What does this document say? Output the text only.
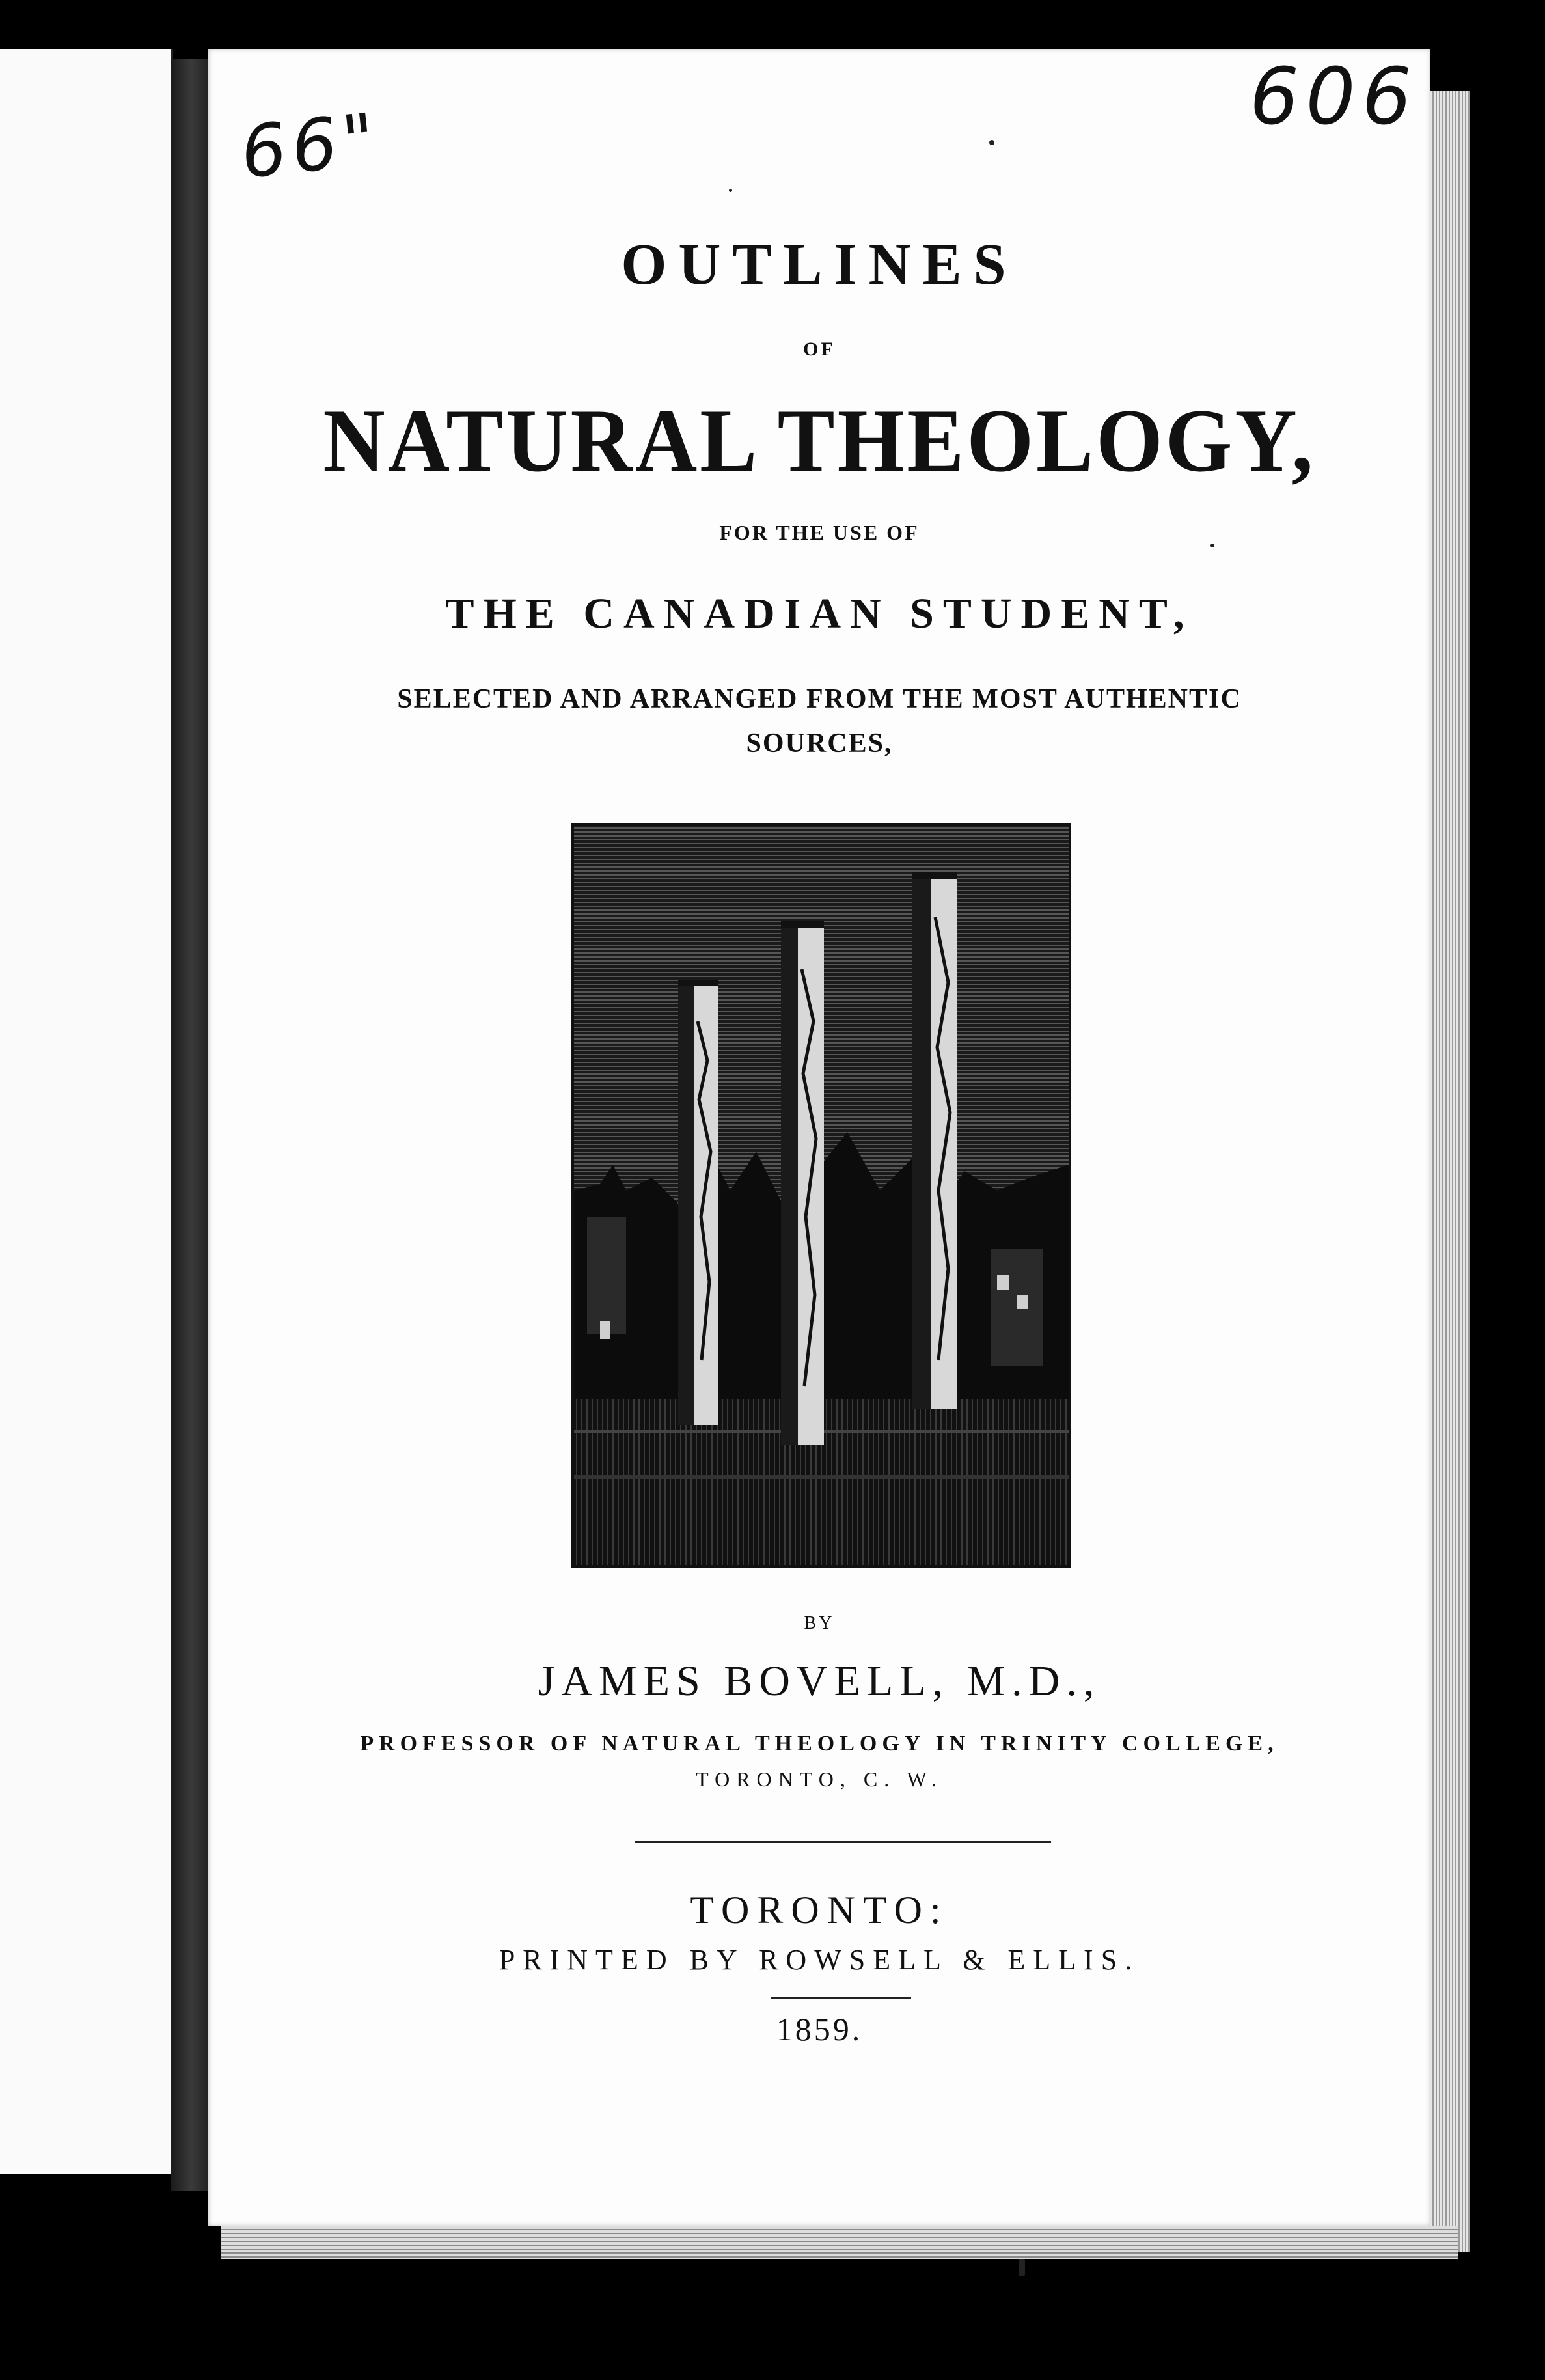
66"	606
OUTLINES
OF
NATURAL THEOLOGY,
FOR THE USE OF
THE CANADIAN STUDENT,
SELECTED AND ARRANGED FROM THE MOST AUTHENTIC
SOURCES,
BY
JAMES BOVELL, M.D.,
PROFESSOR OF NATURAL THEOLOGY IN TRINITY COLLEGE,
TORONTO, C. W.
TORONTO:
PRINTED BY ROWSELL & ELLIS.
1859.
